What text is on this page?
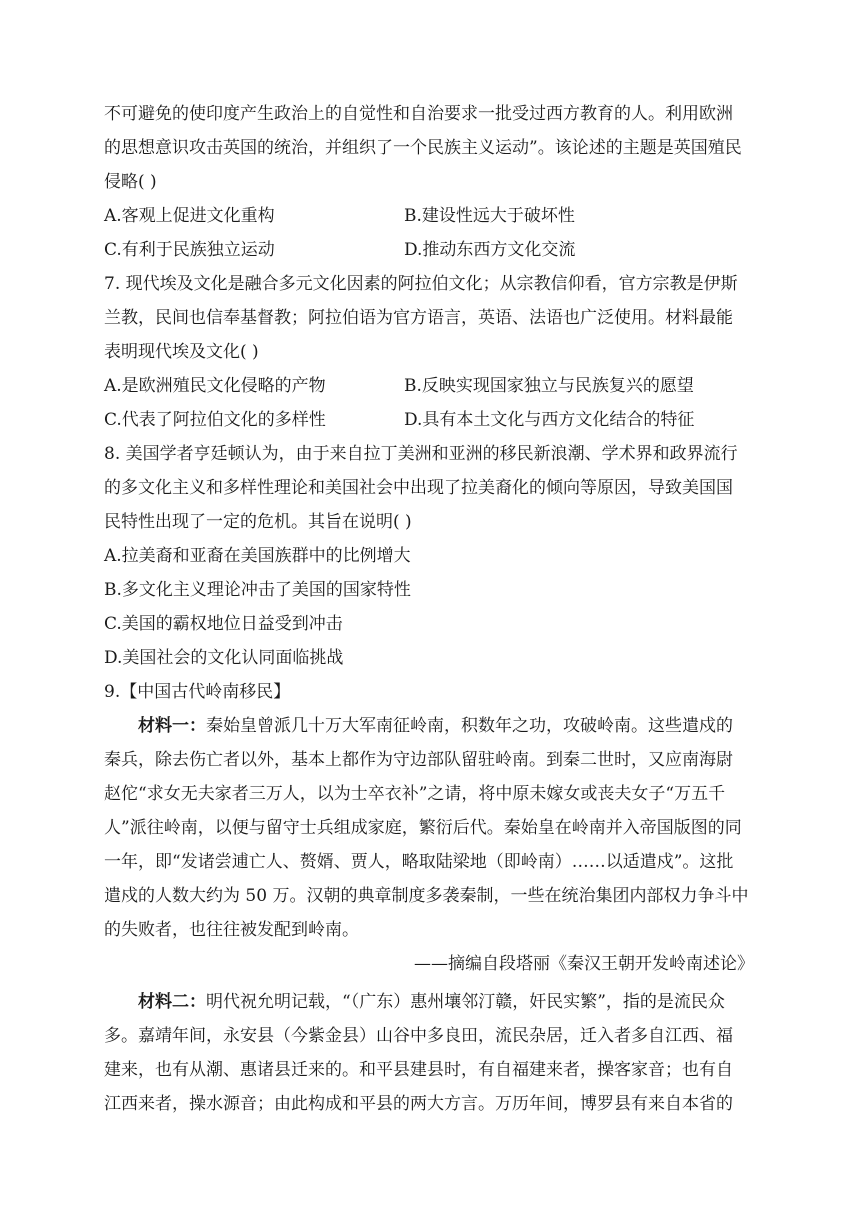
不可避免的使印度产生政治上的自觉性和自治要求一批受过西方教育的人。利用欧洲
的思想意识攻击英国的统治，并组织了一个民族主义运动”。该论述的主题是英国殖民
侵略( )
A.客观上促进文化重构	B.建设性远大于破坏性
C.有利于民族独立运动	D.推动东西方文化交流
7. 现代埃及文化是融合多元文化因素的阿拉伯文化；从宗教信仰看，官方宗教是伊斯
兰教，民间也信奉基督教；阿拉伯语为官方语言，英语、法语也广泛使用。材料最能
表明现代埃及文化( )
A.是欧洲殖民文化侵略的产物	B.反映实现国家独立与民族复兴的愿望
C.代表了阿拉伯文化的多样性	D.具有本土文化与西方文化结合的特征
8. 美国学者亨廷顿认为，由于来自拉丁美洲和亚洲的移民新浪潮、学术界和政界流行
的多文化主义和多样性理论和美国社会中出现了拉美裔化的倾向等原因，导致美国国
民特性出现了一定的危机。其旨在说明( )
A.拉美裔和亚裔在美国族群中的比例增大
B.多文化主义理论冲击了美国的国家特性
C.美国的霸权地位日益受到冲击
D.美国社会的文化认同面临挑战
9.【中国古代岭南移民】
材料一：秦始皇曾派几十万大军南征岭南，积数年之功，攻破岭南。这些遣戍的
秦兵，除去伤亡者以外，基本上都作为守边部队留驻岭南。到秦二世时，又应南海尉
赵佗“求女无夫家者三万人，以为士卒衣补”之请，将中原未嫁女或丧夫女子“万五千
人”派往岭南，以便与留守士兵组成家庭，繁衍后代。秦始皇在岭南并入帝国版图的同
一年，即“发诸尝逋亡人、赘婿、贾人，略取陆梁地（即岭南）……以适遣戍”。这批
遣戍的人数大约为 50 万。汉朝的典章制度多袭秦制，一些在统治集团内部权力争斗中
的失败者，也往往被发配到岭南。
——摘编自段塔丽《秦汉王朝开发岭南述论》
材料二：明代祝允明记载，“（广东）惠州壤邻汀赣，奸民实繁”，指的是流民众
多。嘉靖年间，永安县（今紫金县）山谷中多良田，流民杂居，迁入者多自江西、福
建来，也有从潮、惠诸县迁来的。和平县建县时，有自福建来者，操客家音；也有自
江西来者，操水源音；由此构成和平县的两大方言。万历年间，博罗县有来自本省的
